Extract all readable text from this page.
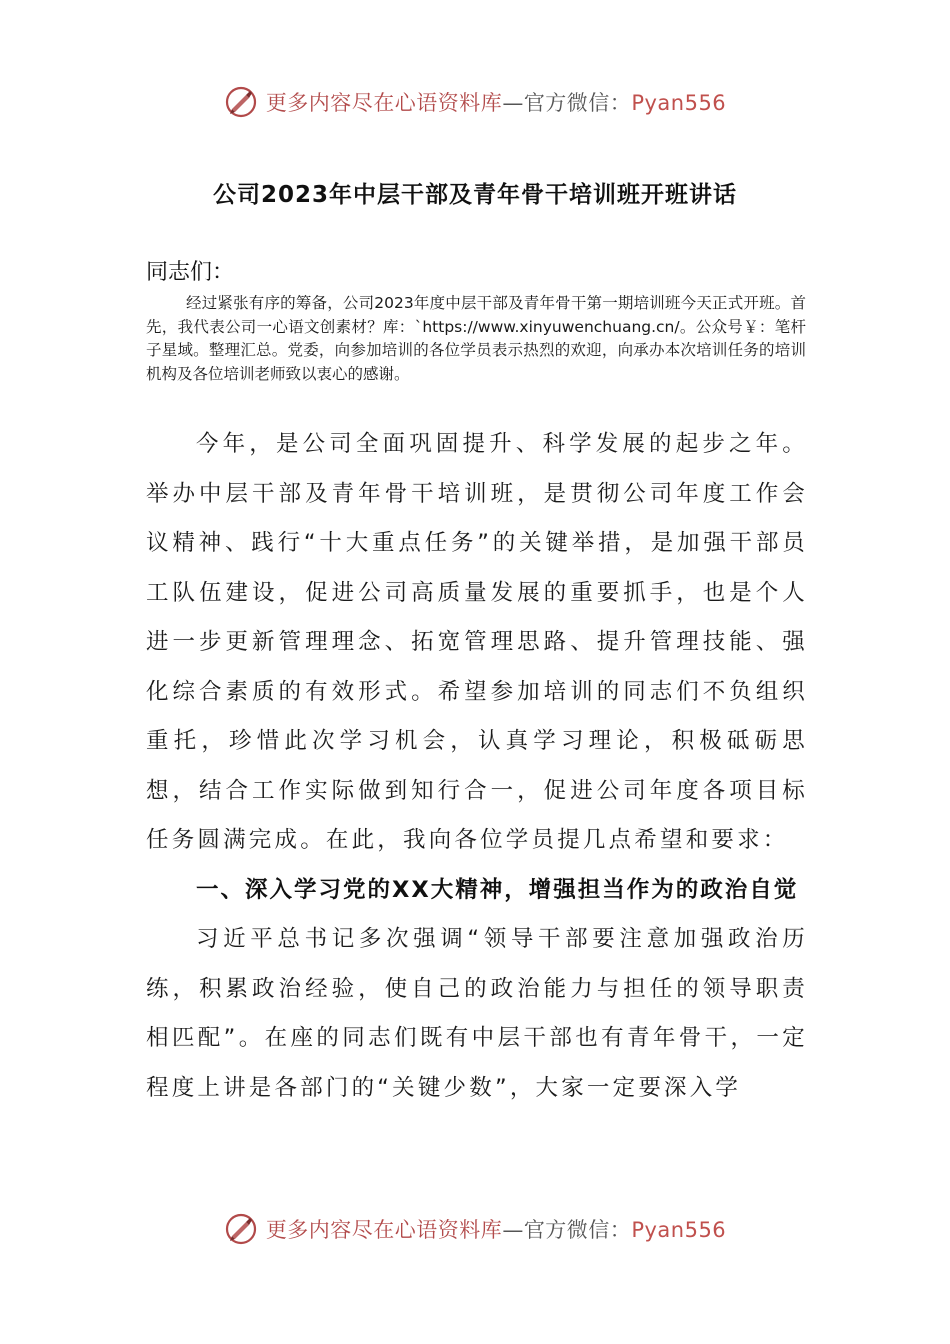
更多内容尽在心语资料库—官方微信：Pyan556
公司2023年中层干部及青年骨干培训班开班讲话
同志们：
经过紧张有序的筹备，公司2023年度中层干部及青年骨干第一期培训班今天正式开班。首先，我代表公司一心语文创素材？库：`https://www.xinyuwenchuang.cn/。公众号￥：笔杆子星域。整理汇总。党委，向参加培训的各位学员表示热烈的欢迎，向承办本次培训任务的培训机构及各位培训老师致以衷心的感谢。

今年，是公司全面巩固提升、科学发展的起步之年。举办中层干部及青年骨干培训班，是贯彻公司年度工作会议精神、践行“十大重点任务”的关键举措，是加强干部员工队伍建设，促进公司高质量发展的重要抓手，也是个人进一步更新管理理念、拓宽管理思路、提升管理技能、强化综合素质的有效形式。希望参加培训的同志们不负组织重托，珍惜此次学习机会，认真学习理论，积极砥砺思想，结合工作实际做到知行合一，促进公司年度各项目标任务圆满完成。在此，我向各位学员提几点希望和要求：

一、深入学习党的XX大精神，增强担当作为的政治自觉

习近平总书记多次强调“领导干部要注意加强政治历练，积累政治经验，使自己的政治能力与担任的领导职责相匹配”。在座的同志们既有中层干部也有青年骨干，一定程度上讲是各部门的“关键少数”，大家一定要深入学

更多内容尽在心语资料库—官方微信：Pyan556
